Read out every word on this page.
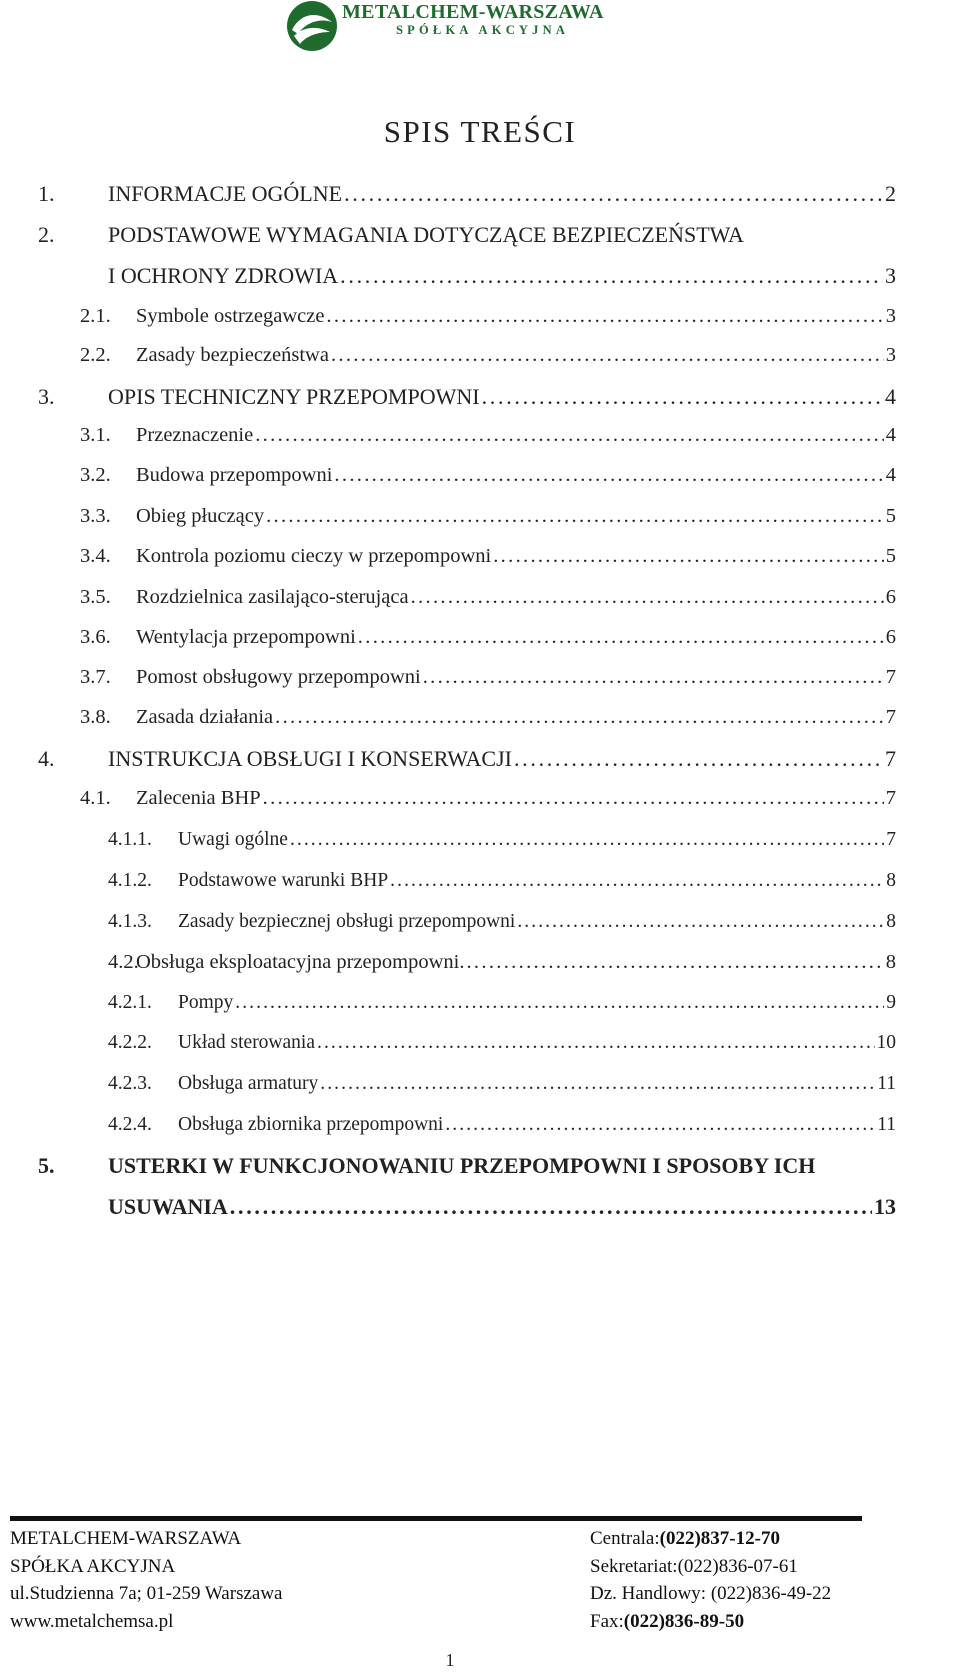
METALCHEM-WARSZAWA
SPÓŁKA AKCYJNA
SPIS TREŚCI
1. INFORMACJE OGÓLNE . . .	2
2. PODSTAWOWE WYMAGANIA DOTYCZĄCE BEZPIECZEŃSTWA
I OCHRONY ZDROWIA . . .	3
2.1. Symbole ostrzegawcze . . .	3
2.2. Zasady bezpieczeństwa . . .	3
3. OPIS TECHNICZNY PRZEPOMPOWNI . . .	4
3.1. Przeznaczenie . . .	4
3.2. Budowa przepompowni . . .	4
3.3. Obieg płuczący . . .	5
3.4. Kontrola poziomu cieczy w przepompowni . . .	5
3.5. Rozdzielnica zasilająco-sterująca . . .	6
3.6. Wentylacja przepompowni . . .	6
3.7. Pomost obsługowy przepompowni . . .	7
3.8. Zasada działania . . .	7
4. INSTRUKCJA OBSŁUGI I KONSERWACJI . . .	7
4.1. Zalecenia BHP . . .	7
4.1.1. Uwagi ogólne . . .	7
4.1.2. Podstawowe warunki BHP . . .	8
4.1.3. Zasady bezpiecznej obsługi przepompowni . . .	8
4.2.
Obsługa eksploatacyjna przepompowni. . . .	8
4.2.1. Pompy . . .	9
4.2.2. Układ sterowania . . .	10
4.2.3. Obsługa armatury . . .	11
4.2.4. Obsługa zbiornika przepompowni . . .	11
5. USTERKI W FUNKCJONOWANIU PRZEPOMPOWNI I SPOSOBY ICH
USUWANIA . . .	13
METALCHEM-WARSZAWA
SPÓŁKA AKCYJNA
ul.Studzienna 7a; 01-259 Warszawa
www.metalchemsa.pl
Centrala:(022)837-12-70
Sekretariat:(022)836-07-61
Dz. Handlowy: (022)836-49-22
Fax:(022)836-89-50
1
